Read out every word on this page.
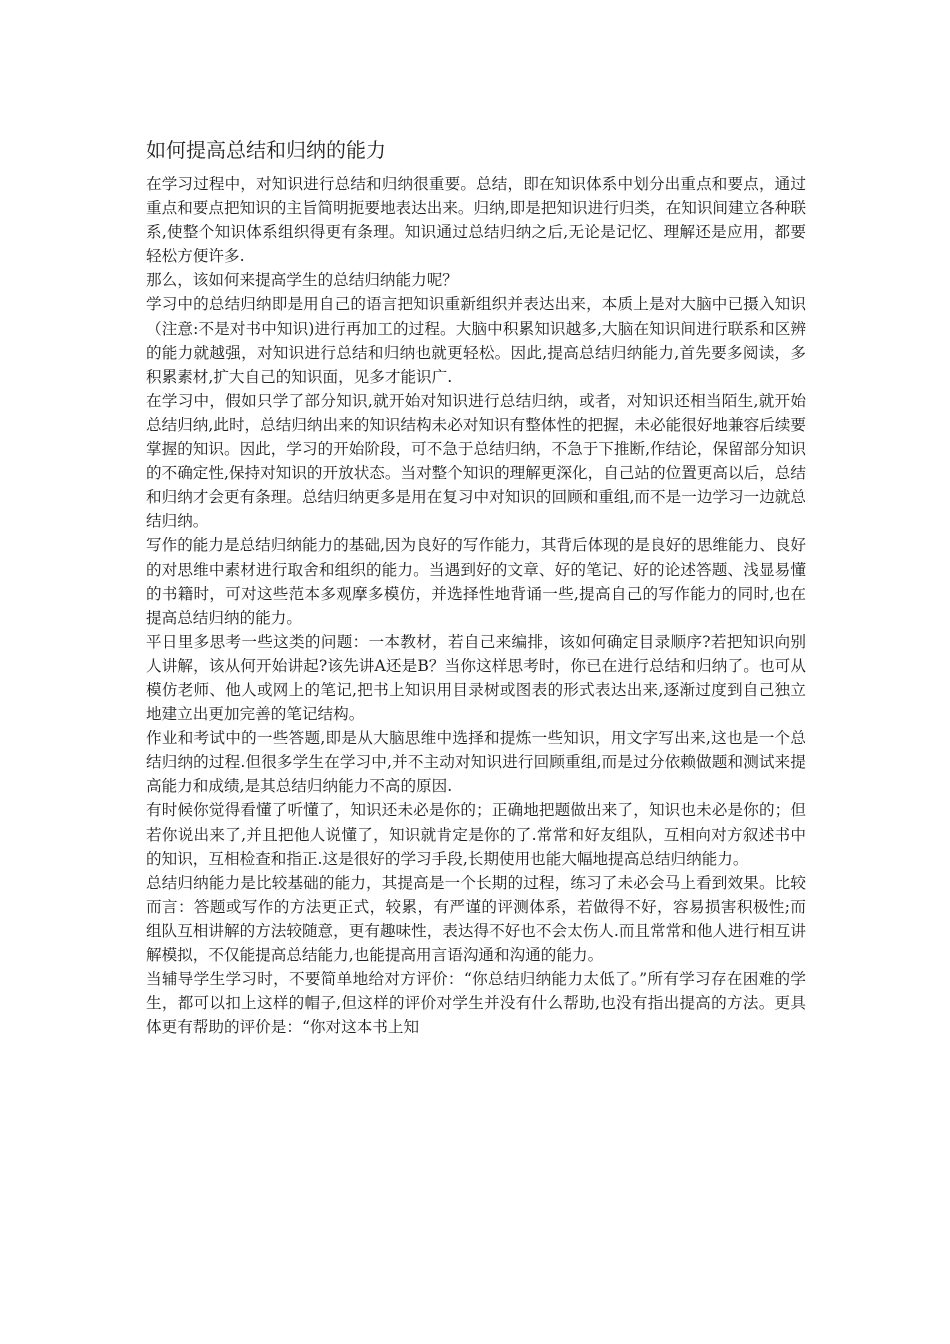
如何提高总结和归纳的能力

在学习过程中，对知识进行总结和归纳很重要。总结，即在知识体系中划分出重点和要点，通过重点和要点把知识的主旨简明扼要地表达出来。归纳,即是把知识进行归类，在知识间建立各种联系,使整个知识体系组织得更有条理。知识通过总结归纳之后,无论是记忆、理解还是应用，都要轻松方便许多.

那么，该如何来提高学生的总结归纳能力呢？

学习中的总结归纳即是用自己的语言把知识重新组织并表达出来，本质上是对大脑中已摄入知识（注意:不是对书中知识)进行再加工的过程。大脑中积累知识越多,大脑在知识间进行联系和区辨的能力就越强，对知识进行总结和归纳也就更轻松。因此,提高总结归纳能力,首先要多阅读，多积累素材,扩大自己的知识面，见多才能识广.

在学习中，假如只学了部分知识,就开始对知识进行总结归纳，或者，对知识还相当陌生,就开始总结归纳,此时，总结归纳出来的知识结构未必对知识有整体性的把握，未必能很好地兼容后续要掌握的知识。因此，学习的开始阶段，可不急于总结归纳，不急于下推断,作结论，保留部分知识的不确定性,保持对知识的开放状态。当对整个知识的理解更深化，自己站的位置更高以后，总结和归纳才会更有条理。总结归纳更多是用在复习中对知识的回顾和重组,而不是一边学习一边就总结归纳。

写作的能力是总结归纳能力的基础,因为良好的写作能力，其背后体现的是良好的思维能力、良好的对思维中素材进行取舍和组织的能力。当遇到好的文章、好的笔记、好的论述答题、浅显易懂的书籍时，可对这些范本多观摩多模仿，并选择性地背诵一些,提高自己的写作能力的同时,也在提高总结归纳的能力。

平日里多思考一些这类的问题：一本教材，若自己来编排，该如何确定目录顺序?若把知识向别人讲解，该从何开始讲起?该先讲A还是B？当你这样思考时，你已在进行总结和归纳了。也可从模仿老师、他人或网上的笔记,把书上知识用目录树或图表的形式表达出来,逐渐过度到自己独立地建立出更加完善的笔记结构。

作业和考试中的一些答题,即是从大脑思维中选择和提炼一些知识，用文字写出来,这也是一个总结归纳的过程.但很多学生在学习中,并不主动对知识进行回顾重组,而是过分依赖做题和测试来提高能力和成绩,是其总结归纳能力不高的原因.

有时候你觉得看懂了听懂了，知识还未必是你的；正确地把题做出来了，知识也未必是你的；但若你说出来了,并且把他人说懂了，知识就肯定是你的了.常常和好友组队，互相向对方叙述书中的知识，互相检查和指正.这是很好的学习手段,长期使用也能大幅地提高总结归纳能力。

总结归纳能力是比较基础的能力，其提高是一个长期的过程，练习了未必会马上看到效果。比较而言：答题或写作的方法更正式，较累，有严谨的评测体系，若做得不好，容易损害积极性;而组队互相讲解的方法较随意，更有趣味性，表达得不好也不会太伤人.而且常常和他人进行相互讲解模拟，不仅能提高总结能力,也能提高用言语沟通和沟通的能力。

当辅导学生学习时，不要简单地给对方评价：“你总结归纳能力太低了。”所有学习存在困难的学生，都可以扣上这样的帽子,但这样的评价对学生并没有什么帮助,也没有指出提高的方法。更具体更有帮助的评价是：“你对这本书上知
